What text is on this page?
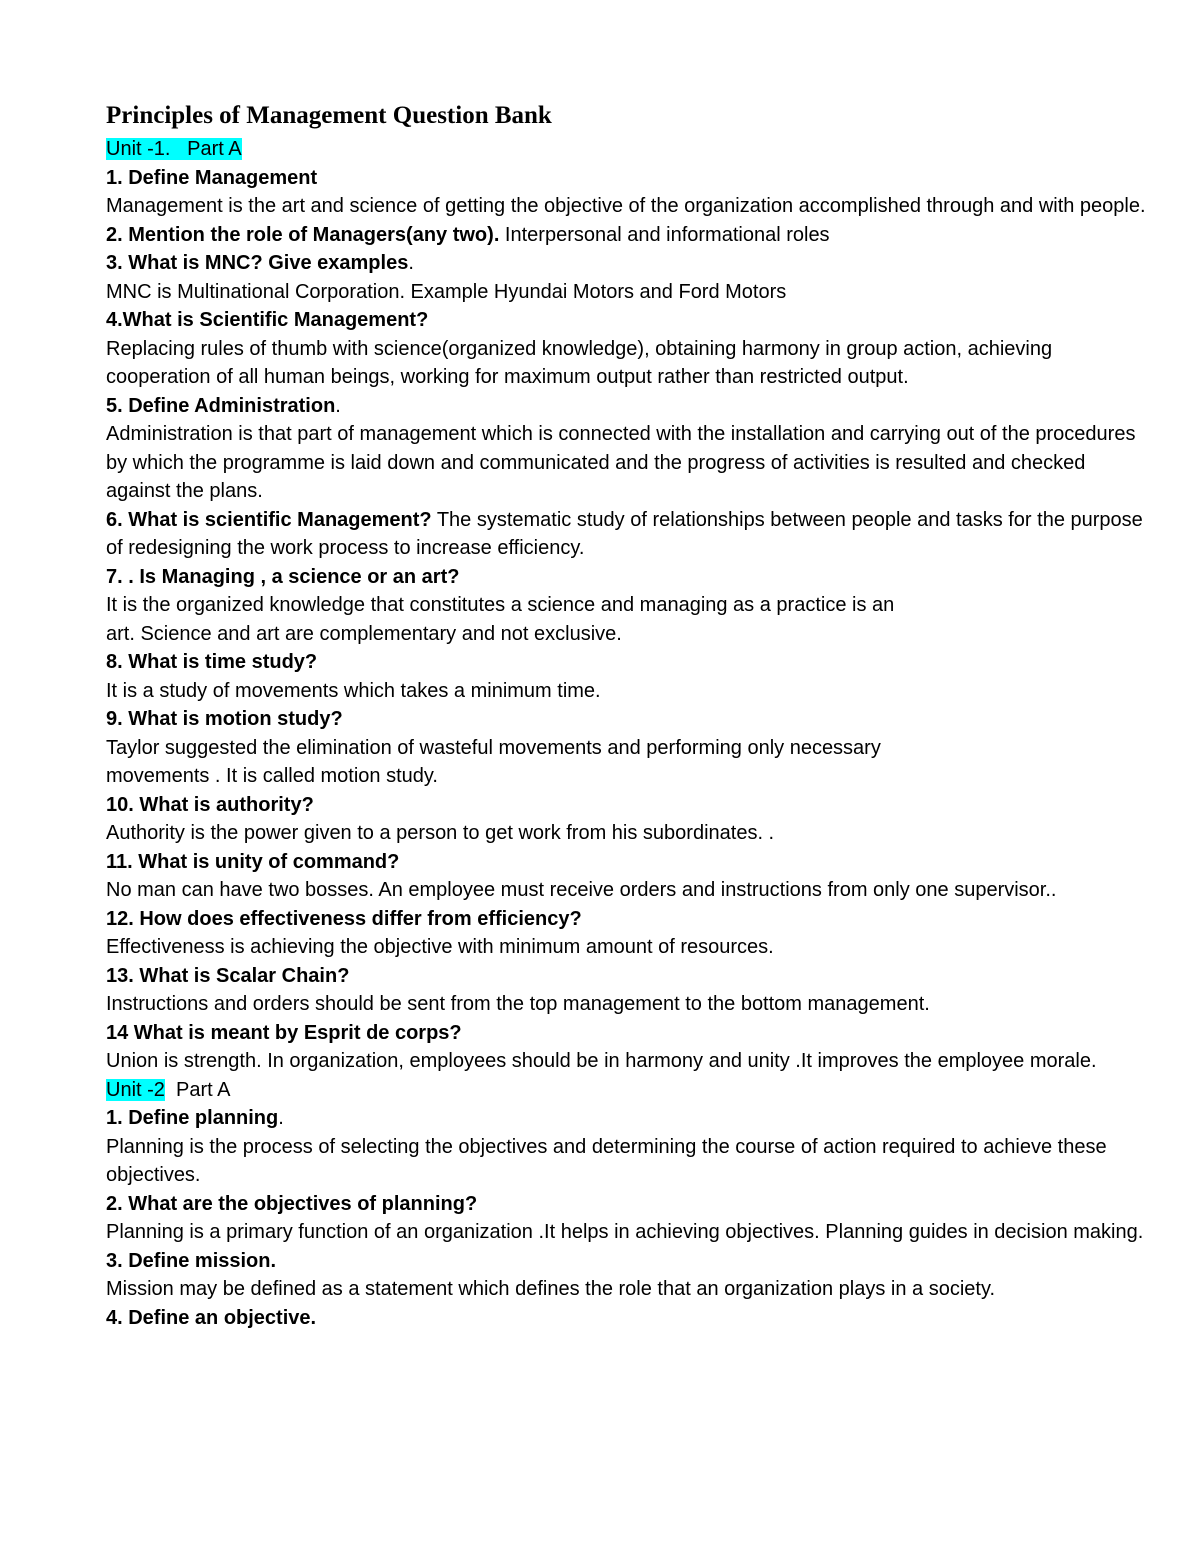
Principles of Management Question Bank
Unit -1.   Part A
1. Define Management
Management is the art and science of getting the objective of the organization accomplished through and with people.
2. Mention the role of Managers(any two). Interpersonal and informational roles
3. What is MNC? Give examples.
MNC is Multinational Corporation. Example Hyundai Motors and Ford Motors
4.What is Scientific Management?
Replacing rules of thumb with science(organized knowledge), obtaining harmony in group action, achieving cooperation of all human beings, working for maximum output rather than restricted output.
5. Define Administration.
Administration is that part of management which is connected with the installation and carrying out of the procedures by which the programme is laid down and communicated and the progress of activities is resulted and checked against the plans.
6. What is scientific Management? The systematic study of relationships between people and tasks for the purpose of redesigning the work process to increase efficiency.
7. . Is Managing , a science or an art?
It is the organized knowledge that constitutes a science and managing as a practice is an
art. Science and art are complementary and not exclusive.
8. What is time study?
It is a study of movements which takes a minimum time.
9. What is motion study?
Taylor suggested the elimination of wasteful movements and performing only necessary
movements . It is called motion study.
10. What is authority?
Authority is the power given to a person to get work from his subordinates. .
11. What is unity of command?
No man can have two bosses. An employee must receive orders and instructions from only one supervisor..
12. How does effectiveness differ from efficiency?
Effectiveness is achieving the objective with minimum amount of resources.
13. What is Scalar Chain?
Instructions and orders should be sent from the top management to the bottom management.
14 What is meant by Esprit de corps?
Union is strength. In organization, employees should be in harmony and unity .It improves the employee morale.
Unit -2  Part A
1. Define planning.
Planning is the process of selecting the objectives and determining the course of action required to achieve these objectives.
2. What are the objectives of planning?
Planning is a primary function of an organization .It helps in achieving objectives. Planning guides in decision making.
3. Define mission.
Mission may be defined as a statement which defines the role that an organization plays in a society.
4. Define an objective.
